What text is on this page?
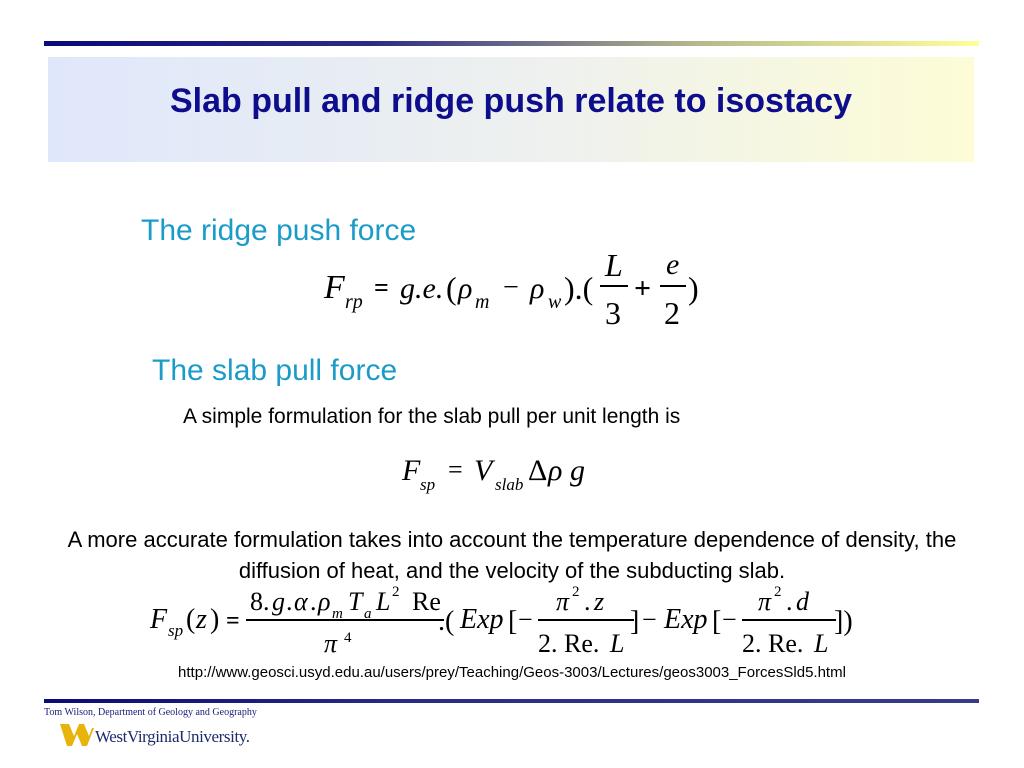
Slab pull and ridge push relate to isostacy

The ridge push force

F rp = g.e. ( ρ m − ρ w ).(
L
3
+
e
2
)

The slab pull force

A simple formulation for the slab pull per unit length is

F sp
= V slab Δ ρ g

A more accurate formulation takes into account the temperature dependence of density, the diffusion of heat, and the velocity of the subducting slab.

F sp ( z ) =
8. g . α . ρ m T a L 2 Re
π 4
.( Exp [ −
π 2 . z
2. Re. L
] − Exp [ −
π 2 . d
2. Re. L
])
http://www.geosci.usyd.edu.au/users/prey/Teaching/Geos-3003/Lectures/geos3003_ForcesSld5.html
Tom Wilson, Department of Geology and Geography
WestVirginiaUniversity.
